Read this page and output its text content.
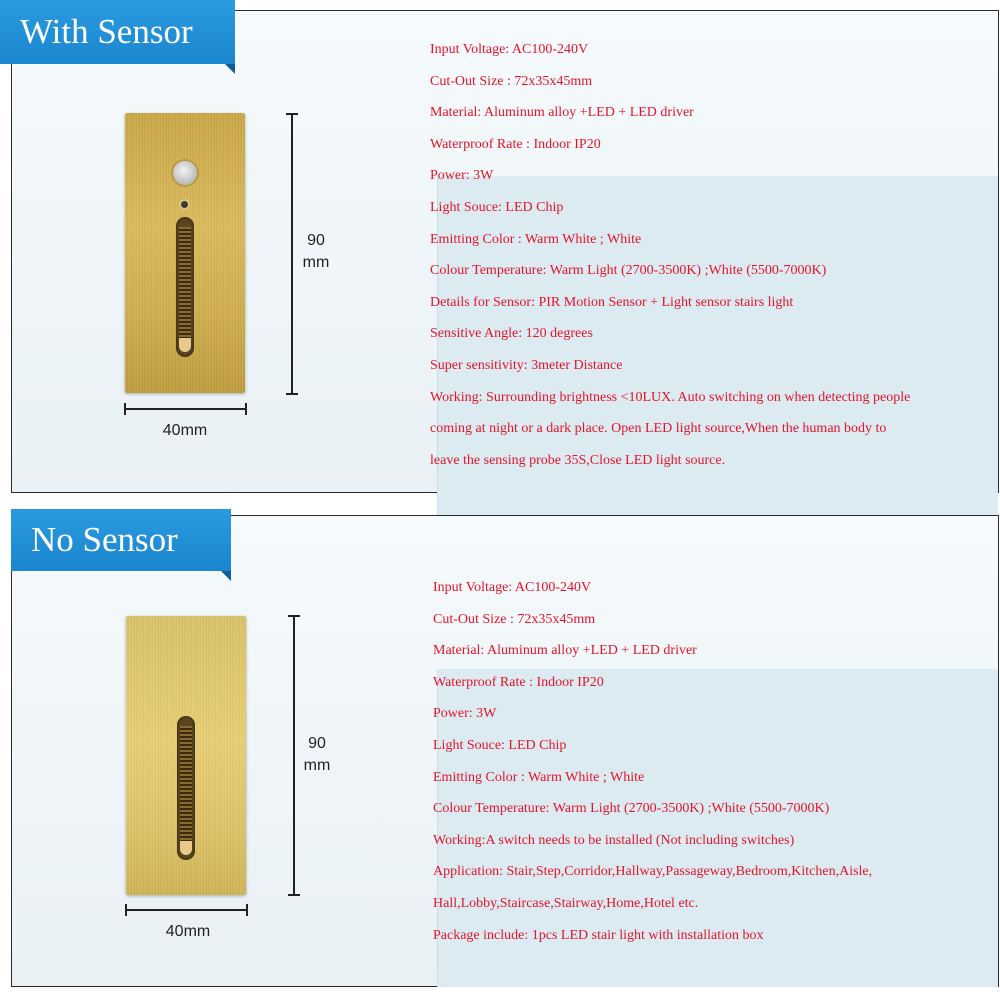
With Sensor
90
mm
40mm
Input Voltage: AC100-240V
Cut-Out Size : 72x35x45mm
Material: Aluminum alloy +LED + LED driver
Waterproof Rate : Indoor IP20
Power: 3W
Light Souce: LED Chip
Emitting Color : Warm White ; White
Colour Temperature: Warm Light (2700-3500K) ;White (5500-7000K)
Details for Sensor: PIR Motion Sensor + Light sensor stairs light
Sensitive Angle: 120 degrees
Super sensitivity: 3meter Distance
Working: Surrounding brightness <10LUX. Auto switching on when detecting people
coming at night or a dark place. Open LED light source,When the human body to
leave the sensing probe 35S,Close LED light source.
No Sensor
90
mm
40mm
Input Voltage: AC100-240V
Cut-Out Size : 72x35x45mm
Material: Aluminum alloy +LED + LED driver
Waterproof Rate : Indoor IP20
Power: 3W
Light Souce: LED Chip
Emitting Color : Warm White ; White
Colour Temperature: Warm Light (2700-3500K) ;White (5500-7000K)
Working:A switch needs to be installed (Not including switches)
Application: Stair,Step,Corridor,Hallway,Passageway,Bedroom,Kitchen,Aisle,
Hall,Lobby,Staircase,Stairway,Home,Hotel etc.
Package include: 1pcs LED stair light with installation box
